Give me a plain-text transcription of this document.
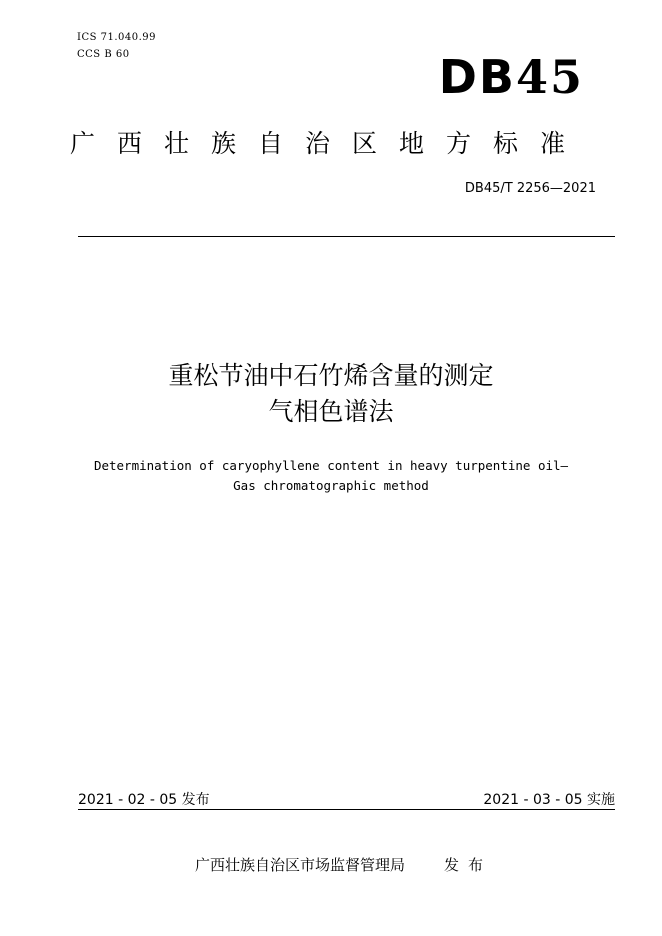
ICS 71.040.99
CCS B 60	DB45
广西壮族自治区地方标准
DB45/T 2256—2021
重松节油中石竹烯含量的测定
气相色谱法
Determination of caryophyllene content in heavy turpentine oil—
Gas chromatographic method
2021 - 02 - 05 发布	2021 - 03 - 05 实施
广西壮族自治区市场监督管理局	发布
